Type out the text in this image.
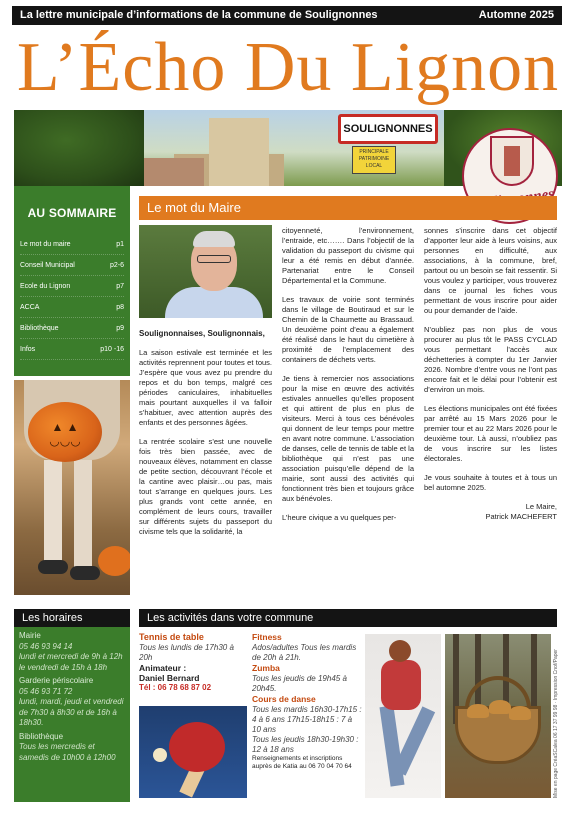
La lettre municipale d’informations de la commune de Soulignonnes	Automne 2025
L’Écho Du Lignon
SOULIGNONNES
PRINCIPALE PATRIMOINE LOCAL
AU SOMMAIRE
Le mot du maire	p1
Conseil Municipal	p2-6
Ecole du Lignon	p7
ACCA	p8
Bibliothèque	p9
Infos	p10 -16
▲ ▲
◡◡◡
Le mot du Maire

Soulignonnaises, Soulignonnais,

La saison estivale est terminée et les activités reprennent pour toutes et tous. J’espère que vous avez pu prendre du repos et du bon temps, malgré ces périodes caniculaires, inhabituelles mais pourtant auxquelles il va falloir s’habituer, avec attention auprès des enfants et des personnes âgées.

La rentrée scolaire s’est une nouvelle fois très bien passée, avec de nouveaux élèves, notamment en classe de petite section, découvrant l’école et la cantine avec plaisir…ou pas, mais tout s’arrange en quelques jours. Les plus grands vont cette année, en complément de leurs cours, travailler sur différents sujets du passeport du civisme tels que la solidarité, la

citoyenneté, l’environnement, l’entraide, etc……. Dans l’objectif de la validation du passeport du civisme qui leur a été remis en début d’année. Partenariat entre le Conseil Départemental et la Commune.

Les travaux de voirie sont terminés dans le village de Boutiraud et sur le Chemin de la Chaumette au Brassaud. Un deuxième point d’eau a également été réalisé dans le haut du cimetière à proximité de l’emplacement des containers de déchets verts.

Je tiens à remercier nos associations pour la mise en œuvre des activités estivales annuelles qu’elles proposent et qui attirent de plus en plus de visiteurs. Merci à tous ces bénévoles qui donnent de leur temps pour mettre en avant notre commune. L’association de danses, celle de tennis de table et la bibliothèque qui n’est pas une association puisqu’elle dépend de la mairie, sont aussi des activités qui fonctionnent très bien et toujours grâce aux bénévoles.

L’heure civique a vu quelques per-

sonnes s’inscrire dans cet objectif d’apporter leur aide à leurs voisins, aux personnes en difficulté, aux associations, à la commune, bref, partout ou un besoin se fait ressentir. Si vous voulez y participer, vous trouverez dans ce journal les fiches vous permettant de vous inscrire pour aider ou pour demander de l’aide.

N’oubliez pas non plus de vous procurer au plus tôt le PASS CYCLAD vous permettant l’accès aux déchetteries à compter du 1er Janvier 2026. Nombre d’entre vous ne l’ont pas encore fait et le délai pour l’obtenir est d’environ un mois.

Les élections municipales ont été fixées par arrêté au 15 Mars 2026 pour le premier tour et au 22 Mars 2026 pour le deuxième tour. Là aussi, n’oubliez pas de vous inscrire sur les listes électorales.

Je vous souhaite à toutes et à tous un bel automne 2025.

Le Maire,
Patrick MACHEFERT
Les horaires
Mairie
05 46 93 94 14
lundi et mercredi de 9h à 12h le vendredi de 15h à 18h
Garderie périscolaire
05 46 93 71 72
lundi, mardi, jeudi et vendredi de 7h30 à 8h30 et de 16h à 18h30.
Bibliothèque
Tous les mercredis et samedis de 10h00 à 12h00
Les activités dans votre commune
Tennis de table
Tous les lundis de 17h30 à 20h
Animateur :
Daniel Bernard
Tél : 06 78 68 87 02
Fitness
Ados/adultes Tous les mardis de 20h à 21h.
Zumba
Tous les jeudis de 19h45 à 20h45.
Cours de danse
Tous les mardis 16h30-17h15 : 4 à 6 ans 17h15-18h15 : 7 à 10 ans
Tous les jeudis 18h30-19h30 : 12 à 18 ans
Renseignements et inscriptions auprès de Katia au 06 70 04 70 64	Mise en page CréaSCalea 06 17 37 99 98 · Impression Cnof/Paper
